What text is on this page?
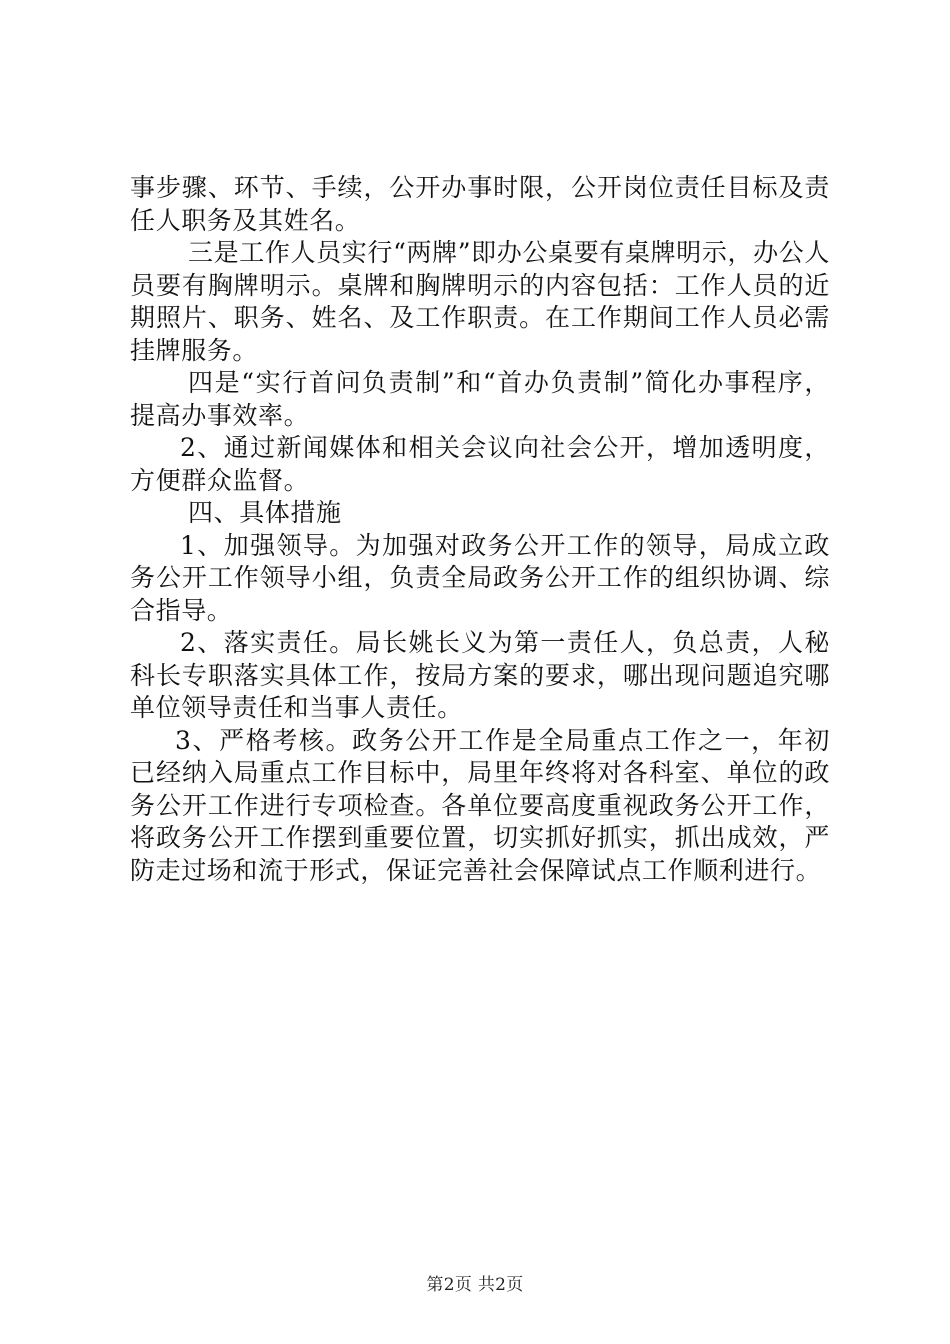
事步骤、环节、手续，公开办事时限，公开岗位责任目标及责任人职务及其姓名。

三是工作人员实行“两牌”即办公桌要有桌牌明示，办公人员要有胸牌明示。桌牌和胸牌明示的内容包括：工作人员的近期照片、职务、姓名、及工作职责。在工作期间工作人员必需挂牌服务。

四是“实行首问负责制”和“首办负责制”简化办事程序，提高办事效率。

2、通过新闻媒体和相关会议向社会公开，增加透明度，方便群众监督。

四、具体措施

1、加强领导。为加强对政务公开工作的领导，局成立政务公开工作领导小组，负责全局政务公开工作的组织协调、综合指导。

2、落实责任。局长姚长义为第一责任人，负总责，人秘科长专职落实具体工作，按局方案的要求，哪出现问题追究哪单位领导责任和当事人责任。

3、严格考核。政务公开工作是全局重点工作之一，年初已经纳入局重点工作目标中，局里年终将对各科室、单位的政务公开工作进行专项检查。各单位要高度重视政务公开工作，将政务公开工作摆到重要位置，切实抓好抓实，抓出成效，严防走过场和流于形式，保证完善社会保障试点工作顺利进行。

第2页 共2页
